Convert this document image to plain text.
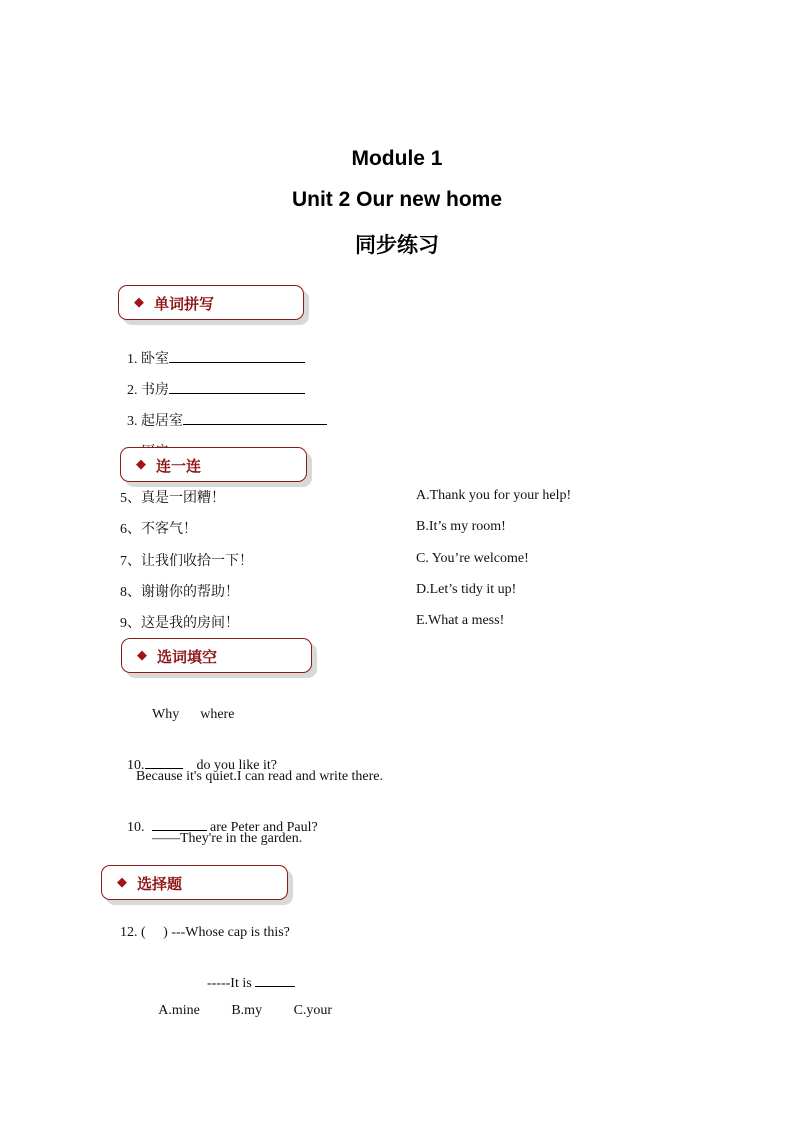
Module 1
Unit 2 Our new home
同步练习
◆ 单词拼写

1. 卧室

2. 书房

3. 起居室

◆ 连一连
5、真是一团糟！
6、不客气！
7、让我们收拾一下！
8、谢谢你的帮助！
9、这是我的房间！
A.Thank you for your help!
B.It’s my room!
C. You’re welcome!
D.Let’s tidy it up!
E.What a mess!
◆ 选词填空
Why      where

10.	do you like it?

Because it's quiet.I can read and write there.

10.	are Peter and Paul?

——They're in the garden.
◆ 选择题
12. (     ) ---Whose cap is this?

-----It is

A.mine B.my C.your
